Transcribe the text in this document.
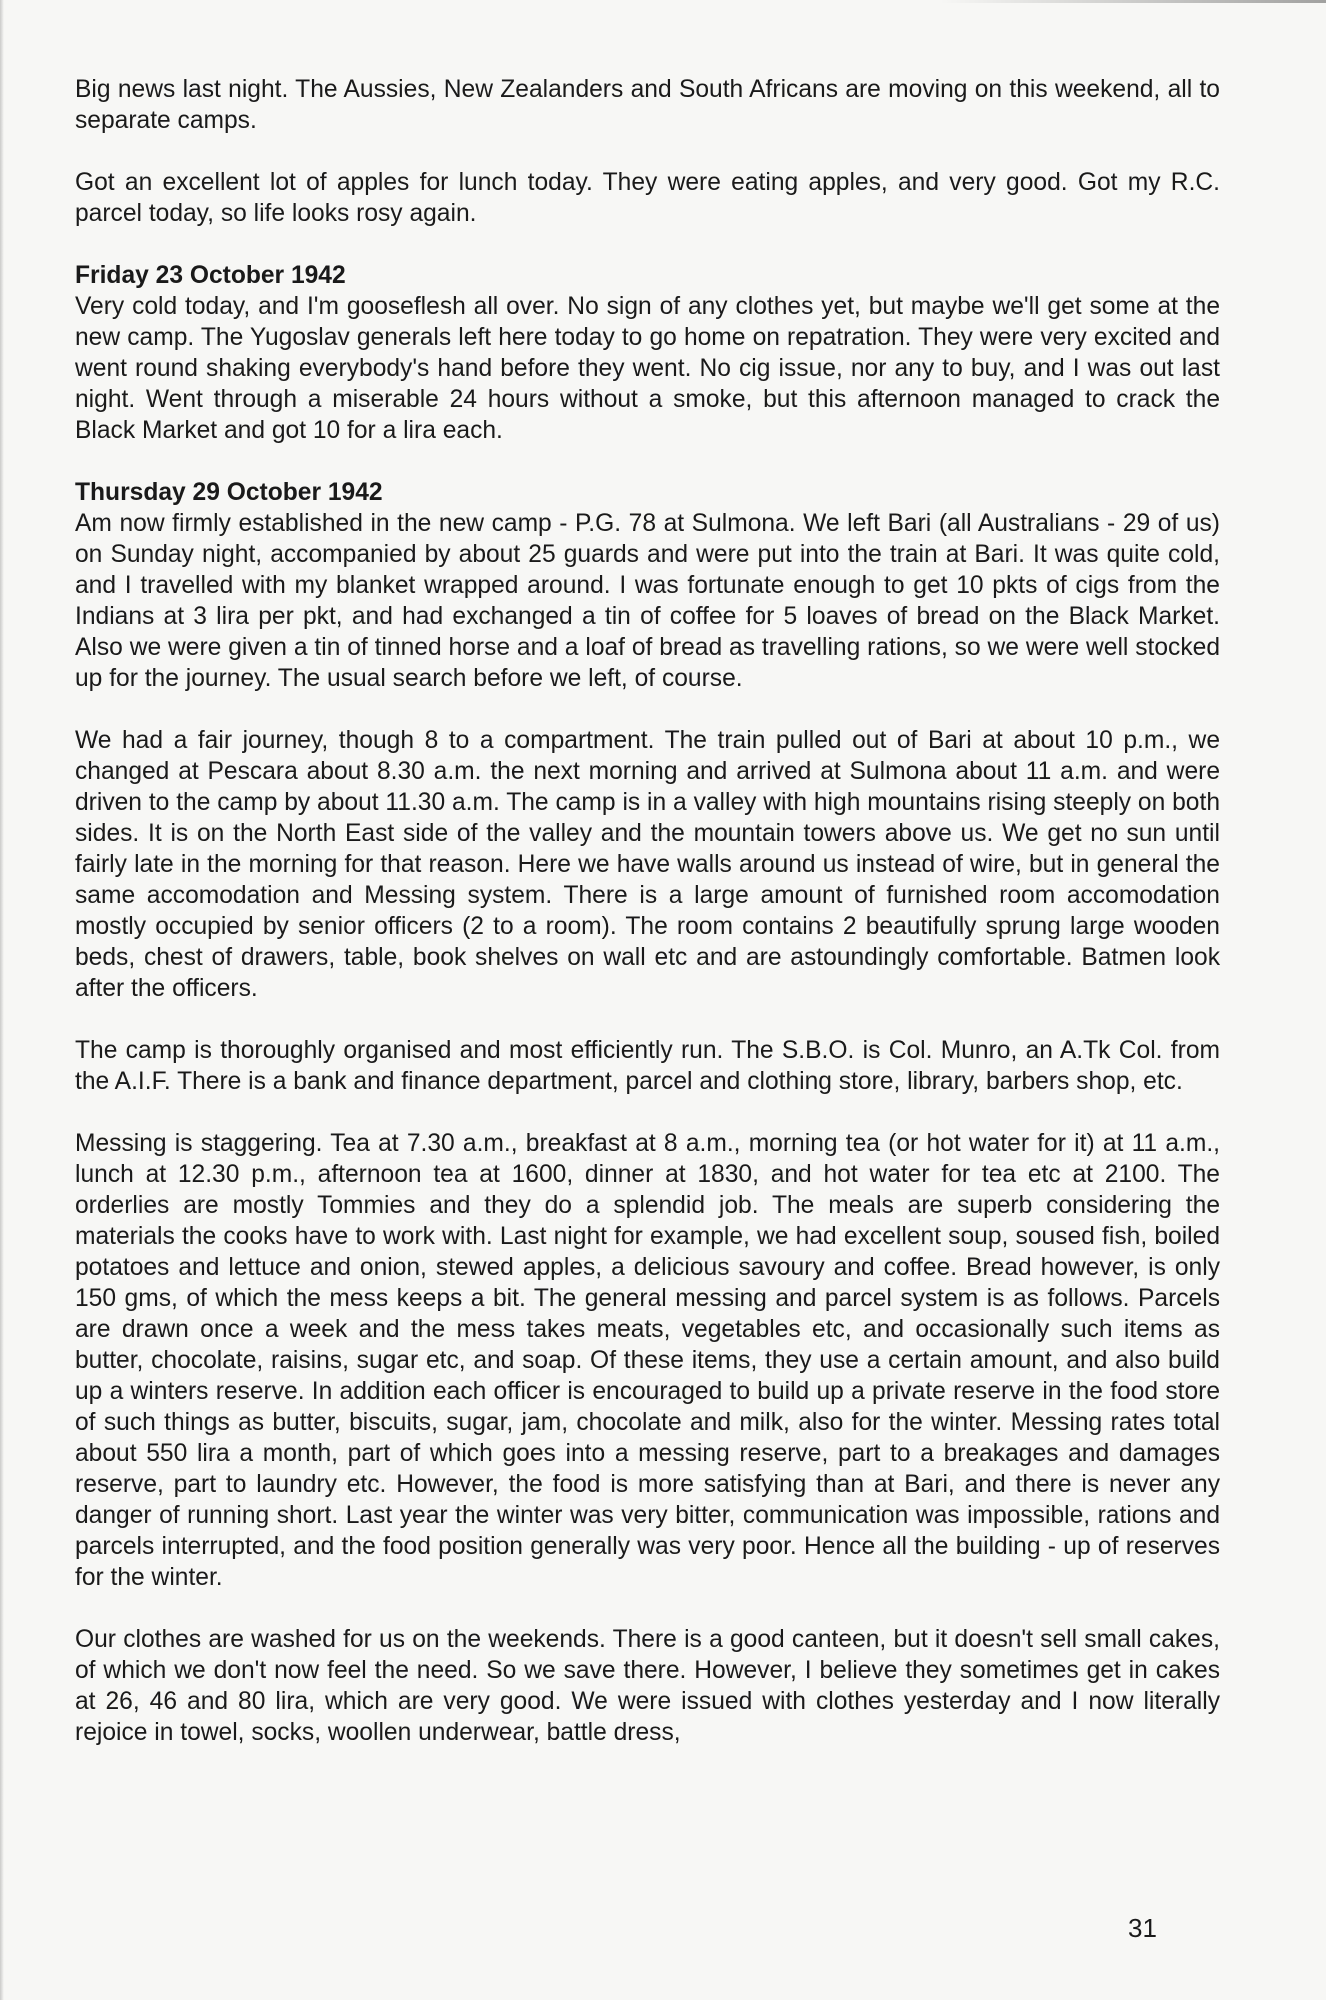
Big news last night. The Aussies, New Zealanders and South Africans are moving on this weekend, all to separate camps.

Got an excellent lot of apples for lunch today. They were eating apples, and very good. Got my R.C. parcel today, so life looks rosy again.

Friday 23 October 1942

Very cold today, and I'm gooseflesh all over. No sign of any clothes yet, but maybe we'll get some at the new camp. The Yugoslav generals left here today to go home on repatration. They were very excited and went round shaking everybody's hand before they went. No cig issue, nor any to buy, and I was out last night. Went through a miserable 24 hours without a smoke, but this afternoon managed to crack the Black Market and got 10 for a lira each.

Thursday 29 October 1942

Am now firmly established in the new camp - P.G. 78 at Sulmona. We left Bari (all Australians - 29 of us) on Sunday night, accompanied by about 25 guards and were put into the train at Bari. It was quite cold, and I travelled with my blanket wrapped around. I was fortunate enough to get 10 pkts of cigs from the Indians at 3 lira per pkt, and had exchanged a tin of coffee for 5 loaves of bread on the Black Market. Also we were given a tin of tinned horse and a loaf of bread as travelling rations, so we were well stocked up for the journey. The usual search before we left, of course.

We had a fair journey, though 8 to a compartment. The train pulled out of Bari at about 10 p.m., we changed at Pescara about 8.30 a.m. the next morning and arrived at Sulmona about 11 a.m. and were driven to the camp by about 11.30 a.m. The camp is in a valley with high mountains rising steeply on both sides. It is on the North East side of the valley and the mountain towers above us. We get no sun until fairly late in the morning for that reason. Here we have walls around us instead of wire, but in general the same accomodation and Messing system. There is a large amount of furnished room accomodation mostly occupied by senior officers (2 to a room). The room contains 2 beautifully sprung large wooden beds, chest of drawers, table, book shelves on wall etc and are astoundingly comfortable. Batmen look after the officers.

The camp is thoroughly organised and most efficiently run. The S.B.O. is Col. Munro, an A.Tk Col. from the A.I.F. There is a bank and finance department, parcel and clothing store, library, barbers shop, etc.

Messing is staggering. Tea at 7.30 a.m., breakfast at 8 a.m., morning tea (or hot water for it) at 11 a.m., lunch at 12.30 p.m., afternoon tea at 1600, dinner at 1830, and hot water for tea etc at 2100. The orderlies are mostly Tommies and they do a splendid job. The meals are superb considering the materials the cooks have to work with. Last night for example, we had excellent soup, soused fish, boiled potatoes and lettuce and onion, stewed apples, a delicious savoury and coffee. Bread however, is only 150 gms, of which the mess keeps a bit. The general messing and parcel system is as follows. Parcels are drawn once a week and the mess takes meats, vegetables etc, and occasionally such items as butter, chocolate, raisins, sugar etc, and soap. Of these items, they use a certain amount, and also build up a winters reserve. In addition each officer is encouraged to build up a private reserve in the food store of such things as butter, biscuits, sugar, jam, chocolate and milk, also for the winter. Messing rates total about 550 lira a month, part of which goes into a messing reserve, part to a breakages and damages reserve, part to laundry etc. However, the food is more satisfying than at Bari, and there is never any danger of running short. Last year the winter was very bitter, communication was impossible, rations and parcels interrupted, and the food position generally was very poor. Hence all the building - up of reserves for the winter.

Our clothes are washed for us on the weekends. There is a good canteen, but it doesn't sell small cakes, of which we don't now feel the need. So we save there. However, I believe they sometimes get in cakes at 26, 46 and 80 lira, which are very good. We were issued with clothes yesterday and I now literally rejoice in towel, socks, woollen underwear, battle dress,

31
